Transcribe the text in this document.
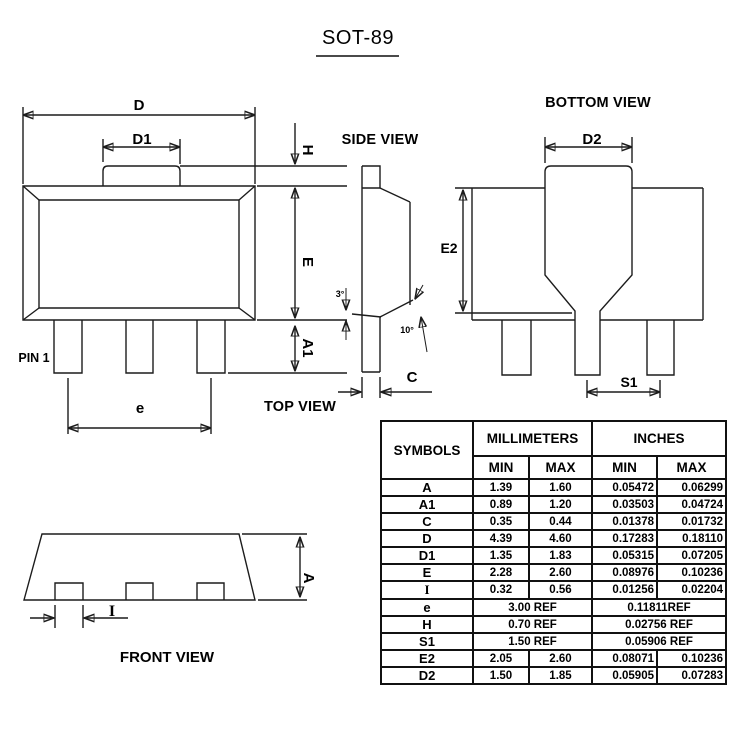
SOT-89
D
D1
H
E
A1
PIN 1
e	TOP VIEW
SIDE VIEW
3°
10°
C
BOTTOM VIEW
D2
E2
S1
A
I
FRONT VIEW
SYMBOLS	MILLIMETERS		INCHES	
	MIN	MAX	MIN	MAX
A	1.39	1.60	0.05472	0.06299
A1	0.89	1.20	0.03503	0.04724
C	0.35	0.44	0.01378	0.01732
D	4.39	4.60	0.17283	0.18110
D1	1.35	1.83	0.05315	0.07205
E	2.28	2.60	0.08976	0.10236
I	0.32	0.56	0.01256	0.02204
e	3.00 REF		0.11811REF	
H	0.70 REF		0.02756 REF	
S1	1.50 REF		0.05906 REF	
E2	2.05	2.60	0.08071	0.10236
D2	1.50	1.85	0.05905	0.07283
